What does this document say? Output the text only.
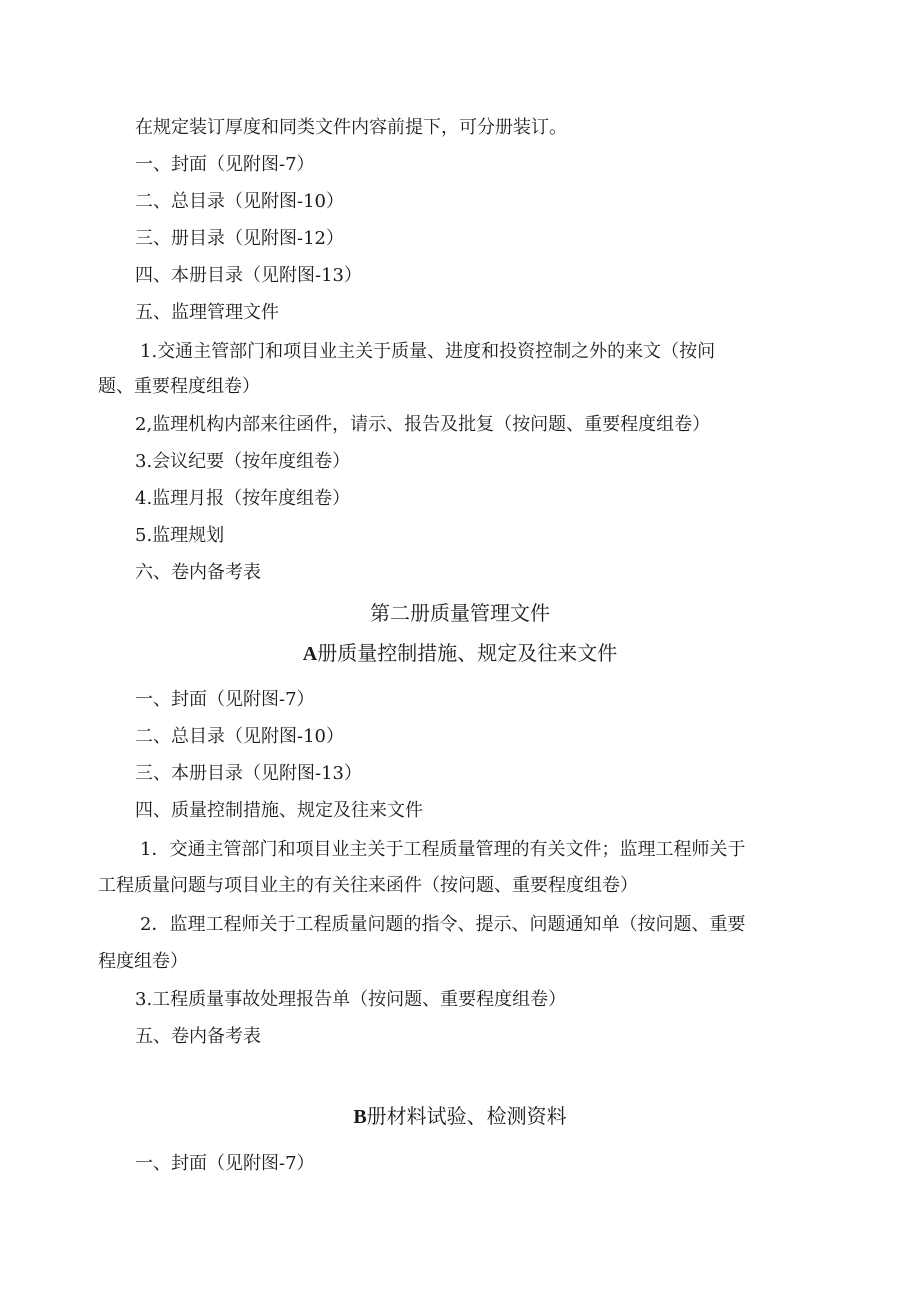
在规定装订厚度和同类文件内容前提下，可分册装订。
一、封面（见附图-7）
二、总目录（见附图-10）
三、册目录（见附图-12）
四、本册目录（见附图-13）
五、监理管理文件
1.交通主管部门和项目业主关于质量、进度和投资控制之外的来文（按问
题、重要程度组卷）
2,监理机构内部来往函件，请示、报告及批复（按问题、重要程度组卷）
3.会议纪要（按年度组卷）
4.监理月报（按年度组卷）
5.监理规划
六、卷内备考表
第二册质量管理文件
A册质量控制措施、规定及往来文件
一、封面（见附图-7）
二、总目录（见附图-10）
三、本册目录（见附图-13）
四、质量控制措施、规定及往来文件
1．交通主管部门和项目业主关于工程质量管理的有关文件；监理工程师关于
工程质量问题与项目业主的有关往来函件（按问题、重要程度组卷）
2．监理工程师关于工程质量问题的指令、提示、问题通知单（按问题、重要
程度组卷）
3.工程质量事故处理报告单（按问题、重要程度组卷）
五、卷内备考表
B册材料试验、检测资料
一、封面（见附图-7）
